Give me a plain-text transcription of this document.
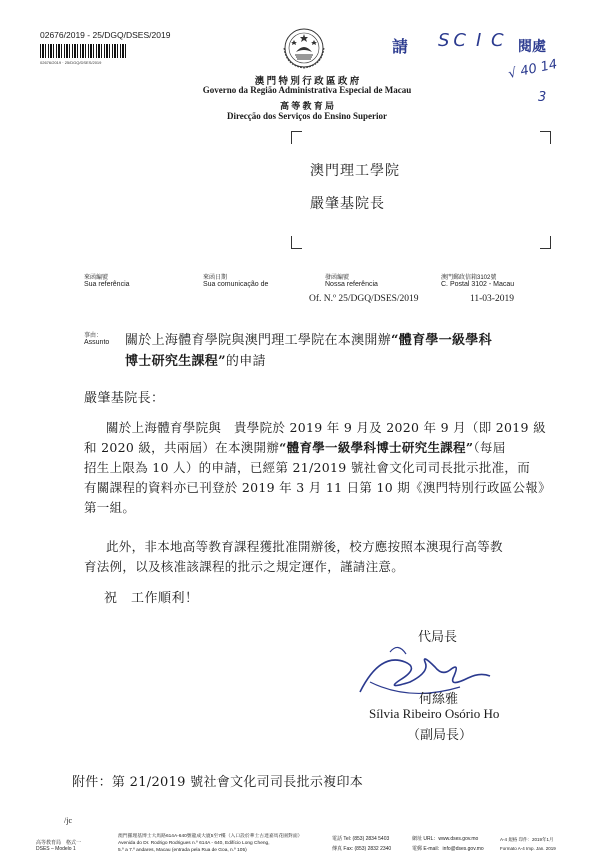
02676/2019 - 25/DGQ/DSES/2019
02676/2019 · 25/DGQ/DSES/2019
請 SC I C 閱處
√ 40 14
3
澳 門 特 別 行 政 區 政 府
Governo da Região Administrativa Especial de Macau
高 等 教 育 局
Direcção dos Serviços do Ensino Superior
澳門理工學院
嚴肇基院長
來函編號
Sua referência
來函日期
Sua comunicação de
發函編號
Nossa referência
澳門郵政信箱3102號
C. Postal 3102 - Macau
Of. N.º 25/DGQ/DSES/2019	11-03-2019
事由：
Assunto 關於上海體育學院與澳門理工學院在本澳開辦“體育學一級學科
博士研究生課程”的申請
嚴肇基院長：
關於上海體育學院與　貴學院於 2019 年 9 月及 2020 年 9 月（即 2019 級
和 2020 級，共兩屆）在本澳開辦“體育學一級學科博士研究生課程”（每屆
招生上限為 10 人）的申請，已經第 21/2019 號社會文化司司長批示批准，而
有關課程的資料亦已刊登於 2019 年 3 月 11 日第 10 期《澳門特別行政區公報》
第一組。
此外，非本地高等教育課程獲批准開辦後，校方應按照本澳現行高等教
育法例，以及核准該課程的批示之規定運作，謹請注意。
祝　工作順利！
代局長
何絲雅
Sílvia Ribeiro Osório Ho
（副局長）
附件：第 21/2019 號社會文化司司長批示複印本
/jc
高等教育局　格式一
DSES – Modelo 1
澳門羅理基博士大馬路614A-640號龍成大廈5至7樓（入口設於華士古達嘉馬花園對面）
Avenida do Dr. Rodrigo Rodrigues n.º 614A - 640, Edifício Long Cheng,
5.º a 7.º andares, Macau (entrada pela Rua de Goa, n.º 105)
電話 Tel: (853) 2834 5403
傳真 Fax: (853) 2832 2340
網址 URL：www.dses.gov.mo
電郵 E-mail：info@dses.gov.mo
A-4 規格 印件：2019年1月
Formato A-4 Imp. Jan. 2019
